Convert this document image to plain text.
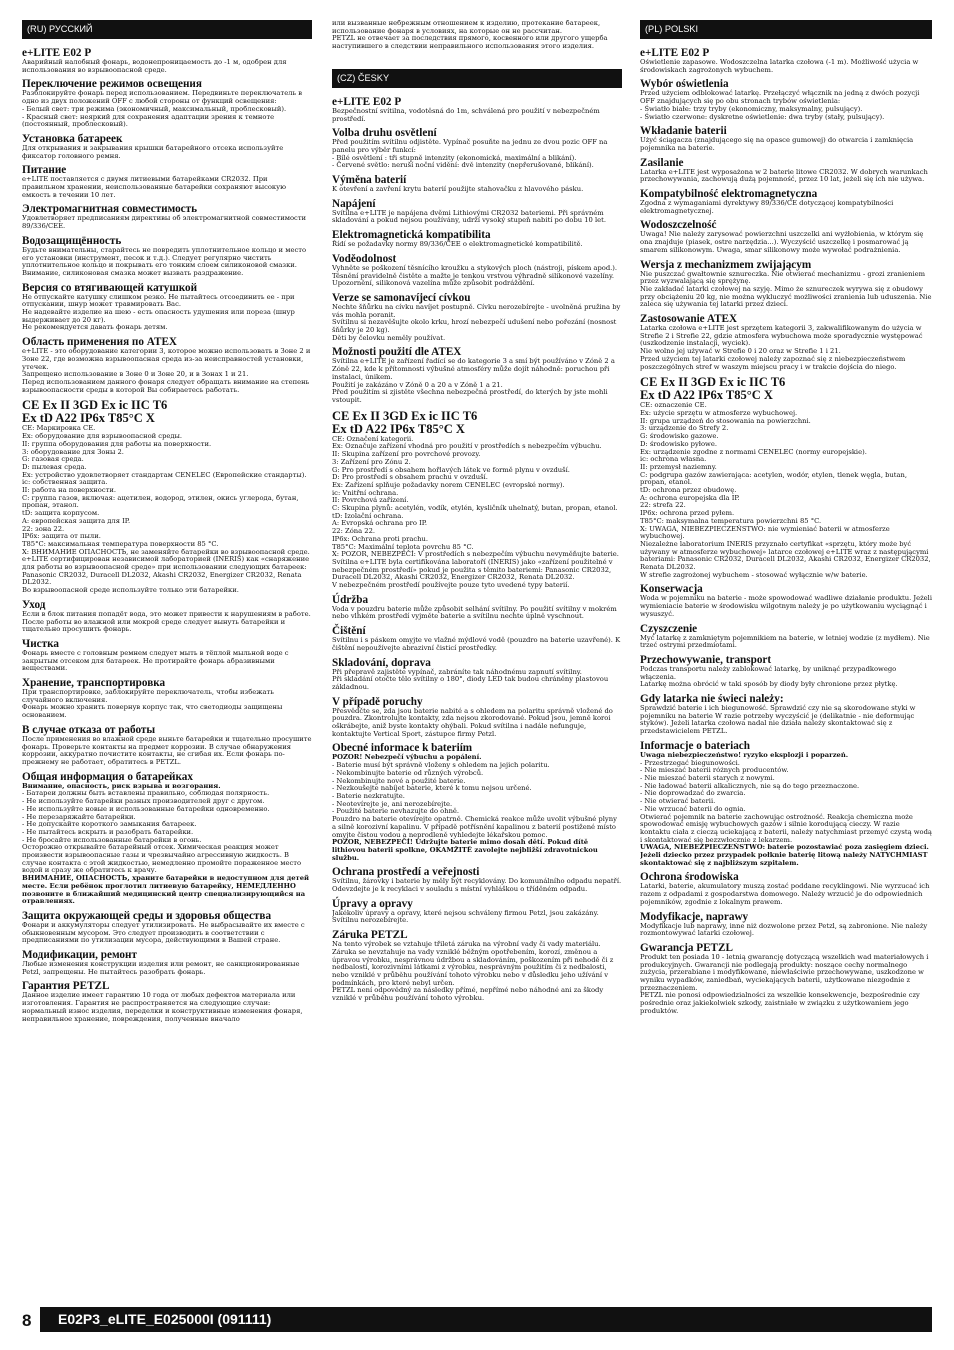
(RU) РУССКИЙ
e+LITE E02 P

Аварийный налобный фонарь, водонепроницаемость до -1 м, одобрен для использования во взрывоопасной среде.

Переключение режимов освещения

Разблокируйте фонарь перед использованием. Передвиньте переключатель в одно из двух положений OFF с любой стороны от функций освещения:
- Белый свет: три режима (экономичный, максимальный, проблесковый).
- Красный свет: неяркий для сохранения адаптации зрения к темноте (постоянный, проблесковый).

Установка батареек

Для открывания и закрывания крышки батарейного отсека используйте фиксатор головного ремня.

Питание

e+LITE поставляется с двумя литиевыми батарейками CR2032. При правильном хранении, неиспользованные батарейки сохраняют высокую емкость в течении 10 лет.

Электромагнитная совместимость

Удовлетворяет предписаниям директивы об электромагнитной совместимости 89/336/CEE.

Водозащищённость

Будьте внимательны, старайтесь не повредить уплотнительное кольцо и место его установки (инструмент, песок и т.д.). Следует регулярно чистить уплотнительное кольцо и покрывать его тонким слоем силиконовой смазки. Внимание, силиконовая смазка может вызвать раздражение.

Версия со втягивающей катушкой

Не отпускайте катушку слишком резко. Не пытайтесь отсоединить ее - при отпускании, шнур может травмировать Вас.
Не надевайте изделие на шею - есть опасность удушения или пореза (шнур выдерживает до 20 кг).
Не рекомендуется давать фонарь детям.

Область применения по ATEX

e+LITE - это оборудование категории 3, которое можно использовать в Зоне 2 и Зоне 22, где возможна взрывоопасная среда из-за неисправностей установки, утечек.
Запрещено использование в Зоне 0 и Зоне 20, и в Зонах 1 и 21.
Перед использованием данного фонаря следует обращать внимание на степень взрывоопасности среды в которой Вы собираетесь работать.

CE Ex II 3GD Ex ic IIC T6
Ex tD A22 IP6x T85°C X

CE: Маркировка CE.
Ex: оборудование для взрывоопасной среды.
II: группа оборудования для работы на поверхности.
3: оборудование для Зоны 2.
G: газовая среда.
D: пылевая среда.
Ex: устройство удовлетворяет стандартам CENELEC (Европейские стандарты).
ic: собственная защита.
II: работа на поверхности.
C: группа газов, включая: ацетилен, водород, этилен, окись углерода, бутан, пропан, этанол.
tD: защита корпусом.
A: европейская защита для IP.
22: зона 22.
IP6x: защита от пыли.
T85°C: максимальная температура поверхности 85 °C.
X: ВНИМАНИЕ ОПАСНОСТЬ, не заменяйте батарейки во взрывоопасной среде.
e+LITE сертифицирован независимой лабораторией (INERIS) как «снаряжение для работы во взрывоопасной среде» при использовании следующих батареек: Panasonic CR2032, Duracell DL2032, Akashi CR2032, Energizer CR2032, Renata DL2032.
Во взрывоопасной среде используйте только эти батарейки.

Уход

Если в блок питания попадёт вода, это может привести к нарушениям в работе. После работы во влажной или мокрой среде следует вынуть батарейки и тщательно просушить фонарь.

Чистка

Фонарь вместе с головным ремнем следует мыть в тёплой мыльной воде с закрытым отсеком для батареек. Не протирайте фонарь абразивными веществами.

Хранение, транспортировка

При транспортировке, заблокируйте переключатель, чтобы избежать случайного включения.
Фонарь можно хранить повернув корпус так, что светодиоды защищены основанием.

В случае отказа от работы

После применения во влажной среде выньте батарейки и тщательно просушите фонарь. Проверьте контакты на предмет коррозии. В случае обнаружения коррозии, аккуратно почистите контакты, не сгибая их. Если фонарь по-прежнему не работает, обратитесь в PETZL.

Общая информация о батарейках

Внимание, опасность, риск взрыва и возгорания.

- Батареи должны быть вставлены правильно, соблюдая полярность.
- Не используйте батарейки разных производителей друг с другом.
- Не используйте новые и использованные батарейки одновременно.
- Не перезаряжайте батарейки.
- Не допускайте короткого замыкания батареек.
- Не пытайтесь вскрыть и разобрать батарейки.
- Не бросайте использованные батарейки в огонь.
Осторожно открывайте батарейный отсек. Химическая реакция может произвести взрывоопасные газы и чрезвычайно агрессивную жидкость. В случае контакта с этой жидкостью, немедленно промойте пораженное место водой и сразу же обратитесь к врачу.

ВНИМАНИЕ, ОПАСНОСТЬ, храните батарейки в недоступном для детей месте. Если ребёнок проглотил литиевую батарейку, НЕМЕДЛЕННО позвоните в ближайший медицинский центр специализирующийся на отравлениях.

Защита окружающей среды и здоровья общества

Фонари и аккумуляторы следует утилизировать. Не выбрасывайте их вместе с обыкновенным мусором. Это следует производить в соответствии с предписаниями по утилизации мусора, действующими в Вашей стране.

Модификации, ремонт

Любые изменения конструкции изделия или ремонт, не санкционированные Petzl, запрещены. Не пытайтесь разобрать фонарь.

Гарантия PETZL

Данное изделие имеет гарантию 10 года от любых дефектов материала или изготовления. Гарантия не распространяется на следующие случаи: нормальный износ изделия, переделки и конструктивные изменения фонаря, неправильное хранение, повреждения, полученные вначало

или вызванные небрежным отношением к изделию, протекание батареек, использование фонаря в условиях, на которые он не рассчитан.
PETZL не отвечает за последствия прямого, косвенного или другого ущерба наступившего в следствии неправильного использования этого изделия.

(CZ) ČESKY
e+LITE E02 P

Bezpečnostní svítilna, vodotěsná do 1m, schválená pro použití v nebezpečném prostředí.

Volba druhu osvětlení

Před použitím svítilnu odjistěte. Vypínač posuňte na jednu ze dvou pozic OFF na panelu pro výběr funkcí:
- Bílé osvětlení : tři stupně intenzity (ekonomická, maximální a blikání).
- Červené světlo: neruší noční vidění: dvě intenzity (nepřerušované, blikání).

Výměna baterií

K otevření a zavření krytu baterií použijte stahovačku z hlavového pásku.

Napájení

Svítilna e+LITE je napájena dvěmi Lithiovými CR2032 bateriemi. Při správném skladování a pokud nejsou používány, udrží vysoký stupeň nabití po dobu 10 let.

Elektromagnetická kompatibilita

Řídí se požadavky normy 89/336/CEE o elektromagnetické kompatibilitě.

Voděodolnost

Vyhněte se poškození těsnícího kroužku a stykových ploch (nástroji, pískem apod.). Těsnění pravidelně čistěte a mažte je tenkou vrstvou výhradně silikonové vazelíny. Upozornění, silikonová vazelína může způsobit podráždění.

Verze se samonavíjecí cívkou

Nechte šňůrku na cívku navíjet postupně. Cívku nerozebírejte - uvolněná pružina by vás mohla poranit.
Svítilnu si nezavěšujte okolo krku, hrozí nebezpečí udušení nebo pořezání (nosnost šňůrky je 20 kg).
Děti by čelovku neměly používat.

Možnosti použití dle ATEX

Svítilna e+LITE je zařízení řadící se do kategorie 3 a smí být používáno v Zóně 2 a Zóně 22, kde k přítomnosti výbušné atmosféry může dojít náhodně: poruchou při instalaci, únikem.
Použití je zakázáno v Zóně 0 a 20 a v Zóně 1 a 21.
Před použitím si zjistěte všechna nebezpečná prostředí, do kterých by jste mohli vstoupit.

CE Ex II 3GD Ex ic IIC T6
Ex tD A22 IP6x T85°C X

CE: Označení kategorii.
Ex: Označuje zařízení vhodná pro použití v prostředích s nebezpečím výbuchu.
II: Skupina zařízení pro povrchové provozy.
3: Zařízení pro Zónu 2.
G: Pro prostředí s obsahem hořlavých látek ve formě plynu v ovzduší.
D: Pro prostředí s obsahem prachu v ovzduší.
Ex: Zařízení splňuje požadavky norem CENELEC (evropské normy).
ic: Vnitřní ochrana.
II: Povrchová zařízení.
C: Skupina plynů: acetylén, vodík, etylén, kysličník uhelnatý, butan, propan, etanol.
tD: Izolační ochrana.
A: Evropská ochrana pro IP.
22: Zóna 22.
IP6x: Ochrana proti prachu.
T85°C: Maximální teplota povrchu 85 °C.
X: POZOR, NEBEZPEČÍ: V prostředích s nebezpečím výbuchu nevyměňujte baterie.
Svítilna e+LITE byla certifikována laboratoří (INERIS) jako «zařízení použitelné v nebezpečném prostředí» pokud je použita s těmito bateriemi: Panasonic CR2032, Duracell DL2032, Akashi CR2032, Energizer CR2032, Renata DL2032.
V nebezpečném prostředí používejte pouze tyto uvedené typy baterií.

Údržba

Voda v pouzdru baterie může způsobit selhání svítilny. Po použití svítilny v mokrém nebo vlhkém prostředí vyjměte baterie a svítilnu nechte úplně vyschnout.

Čištění

Svítilnu i s páskem omyjte ve vlažné mýdlové vodě (pouzdro na baterie uzavřené). K čištění nepoužívejte abrazivní čisticí prostředky.

Skladování, doprava

Při přepravě zajistěte vypínač, zabráníte tak náhodnému zapnutí svítilny.
Při skladání otočte tělo svítilny o 180°, diody LED tak budou chráněny plastovou základnou.

V případě poruchy

Přesvědčte se, zda jsou baterie nabité a s ohledem na polaritu správně vložené do pouzdra. Zkontrolujte kontakty, zda nejsou zkorodované. Pokud jsou, jemně koroi oškrábejte, aniž byste kontakty ohýbali. Pokud svítilna i nadále nefunguje, kontaktujte Vertical Sport, zástupce firmy Petzl.

Obecné informace k bateriím

POZOR! Nebezpečí výbuchu a popálení.

- Baterie musí být správně vloženy s ohledem na jejich polaritu.
- Nekombinujte baterie od různých výrobců.
- Nekombinujte nové a použité baterie.
- Nezkoušejte nabíjet baterie, které k tomu nejsou určené.
- Baterie nezkratujte.
- Neotevírejte je, ani nerozebírejte.
- Použité baterie nevhazujte do ohně.
Pouzdro na baterie otevírejte opatrně. Chemická reakce může uvolit výbušné plyny a silně korozivní kapalinu. V případě potřísnění kapalinou z baterií postižené místo omyjte čistou vodou a neprodleně vyhledejte lékařskou pomoc.

POZOR, NEBEZPEČÍ! Udržujte baterie mimo dosah dětí. Pokud dítě lithiovou baterii spolkne, OKAMŽITĚ zavolejte nejbližší zdravotnickou službu.

Ochrana prostředí a veřejnosti

Svítilnu, žárovky i baterie by měly být recyklovány. Do komunálního odpadu nepatří. Odevzdejte je k recyklaci v souladu s místní vyhláškou o tříděném odpadu.

Úpravy a opravy

Jakékoliv úpravy a opravy, které nejsou schváleny firmou Petzl, jsou zakázány. Svítilnu nerozebírejte.

Záruka PETZL

Na tento výrobek se vztahuje třiletá záruka na výrobní vady či vady materiálu. Záruka se nevztahuje na vady vzniklé běžným opotřebením, korozí, změnou a úpravou výrobku, nesprávnou údržbou a skladováním, poškozením při nehodě či z nedbalosti, korozivními látkami z výrobku, nesprávným použitím či z nedbalosti, nebo vzniklé v průběhu používání tohoto výrobku nebo v důsledku jeho užívání v podmínkách, pro které nebyl určen.
PETZL není odpovědný za následky přímé, nepřímé nebo náhodné ani za škody vzniklé v průběhu používání tohoto výrobku.

(PL) POLSKI
e+LITE E02 P

Oświetlenie zapasowe. Wodoszczelna latarka czołowa (-1 m). Możliwość użycia w środowiskach zagrożonych wybuchem.

Wybór oświetlenia

Przed użyciem odblokować latarkę. Przełączyć włącznik na jedną z dwóch pozycji OFF znajdujących się po obu stronach trybów oświetlenia:
- Światło białe: trzy tryby (ekonomiczny, maksymalny, pulsujący).
- Światło czerwone: dyskretne oświetlenie: dwa tryby (stały, pulsujący).

Wkładanie baterii

Użyć ściągacza (znajdującego się na opasce gumowej) do otwarcia i zamknięcia pojemnika na baterie.

Zasilanie

Latarka e+LITE jest wyposażona w 2 baterie litowe CR2032. W dobrych warunkach przechowywania, zachowują dużą pojemność, przez 10 lat, jeżeli się ich nie używa.

Kompatybilność elektromagnetyczna

Zgodna z wymaganiami dyrektywy 89/336/CE dotyczącej kompatybilności elektromagnetycznej.

Wodoszczelność

Uwaga! Nie należy zarysować powierzchni uszczelki ani wyżłobienia, w którym się ona znajduje (piasek, ostre narzędzia...). Wyczyścić uszczelkę i posmarować ją smarem silikonowym. Uwaga, smar silikonowy może wywołać podrażnienia.

Wersja z mechanizmem zwijającym

Nie puszczać gwałtownie sznureczka. Nie otwierać mechanizmu - grozi zranieniem przez wyzwalającą się sprężynę.
Nie zakładać latarki czołowej na szyję. Mimo że sznureczek wyrywa się z obudowy przy obciążeniu 20 kg, nie można wykluczyć możliwości zranienia lub uduszenia. Nie zaleca się używania tej latarki przez dzieci.

Zastosowanie ATEX

Latarka czołowa e+LITE jest sprzętem kategorii 3, zakwalifikowanym do użycia w Strefie 2 i Strefie 22, gdzie atmosfera wybuchowa może sporadycznie występować (uszkodzenie instalacji, wyciek).
Nie wolno jej używać w Strefie 0 i 20 oraz w Strefie 1 i 21.
Przed użyciem tej latarki czołowej należy zapoznać się z niebezpieczeństwem poszczególnych stref w waszym miejscu pracy i w trakcie dojścia do niego.

CE Ex II 3GD Ex ic IIC T6
Ex tD A22 IP6x T85°C X

CE: oznaczenie CE.
Ex: użycie sprzętu w atmosferze wybuchowej.
II: grupa urządzeń do stosowania na powierzchni.
3: urządzenie do Strefy 2.
G: środowisko gazowe.
D: środowisko pyłowe.
Ex: urządzenie zgodne z normami CENELEC (normy europejskie).
ic: ochrona własna.
II: przemysł naziemny.
C: podgrupa gazów zawierająca: acetylen, wodór, etylen, tlenek węgla, butan, propan, etanol.
tD: ochrona przez obudowę.
A: ochrona europejska dla IP.
22: strefa 22.
IP6x: ochrona przed pyłem.
T85°C: maksymalna temperatura powierzchni 85 °C.
X: UWAGA, NIEBEZPIECZEŃSTWO: nie wymieniać baterii w atmosferze wybuchowej.
Niezależne laboratorium INERIS przyznało certyfikat «sprzętu, który może być używany w atmosferze wybuchowej» latarce czołowej e+LITE wraz z następującymi bateriami: Panasonic CR2032, Duracell DL2032, Akashi CR2032, Energizer CR2032, Renata DL2032.
W strefie zagrożonej wybuchem - stosować wyłącznie w/w baterie.

Konserwacja

Woda w pojemniku na baterie - może spowodować wadliwe działanie produktu. Jeżeli wymieniacie baterie w środowisku wilgotnym należy je po użytkowaniu wyciągnąć i wysuszyć.

Czyszczenie

Myć latarkę z zamkniętym pojemnikiem na baterie, w letniej wodzie (z mydłem). Nie trzeć ostrymi przedmiotami.

Przechowywanie, transport

Podczas transportu należy zablokować latarkę, by uniknąć przypadkowego włączenia.
Latarkę można obrócić w taki sposób by diody były chronione przez płytkę.

Gdy latarka nie świeci należy:

Sprawdzić baterie i ich biegunowość. Sprawdzić czy nie są skorodowane styki w pojemniku na baterie W razie potrzeby wyczyścić je (delikatnie - nie deformując styków). Jeżeli latarka czołowa nadal nie działa należy skontaktować się z przedstawicielem PETZL.

Informacje o bateriach

Uwaga niebezpieczeństwo! ryzyko eksplozji i poparzeń.

- Przestrzegać biegunowości.
- Nie mieszać baterii różnych producentów.
- Nie mieszać baterii starych z nowymi.
- Nie ładować baterii alkalicznych, nie są do tego przeznaczone.
- Nie doprowadzać do zwarcia.
- Nie otwierać baterii.
- Nie wrzucać baterii do ognia.
Otwierać pojemnik na baterie zachowując ostrożność. Reakcja chemiczna może spowodować emisję wybuchowych gazów i silnie korodującą cieczy. W razie kontaktu ciała z cieczą uciekającą z baterii, należy natychmiast przemyć czystą wodą i skontaktować się bezzwłocznie z lekarzem.

UWAGA, NIEBEZPIECZEŃSTWO: baterie pozostawiać poza zasięgiem dzieci. Jeżeli dziecko przez przypadek połknie baterię litową należy NATYCHMIAST skontaktować się z najbliższym szpitalem.

Ochrona środowiska

Latarki, baterie, akumulatory muszą zostać poddane recyklingowi. Nie wyrzucać ich razem z odpadami z gospodarstwa domowego. Należy wrzucić je do odpowiednich pojemników, zgodnie z lokalnym prawem.

Modyfikacje, naprawy

Modyfikacje lub naprawy, inne niż dozwolone przez Petzl, są zabronione. Nie należy rozmontowywać latarki czołowej.

Gwarancja PETZL

Produkt ten posiada 10 - letnią gwarancję dotyczącą wszelkich wad materiałowych i produkcyjnych. Gwarancji nie podlegają produkty: noszące cechy normalnego zużycia, przerabiane i modyfikowane, niewłaściwie przechowywane, uszkodzone w wyniku wypadków, zaniedbań, wyciekających baterii, użytkowane niezgodnie z przeznaczeniem.
PETZL nie ponosi odpowiedzialności za wszelkie konsekwencje, bezpośrednie czy pośrednie oraz jakiekolwiek szkody, zaistniałe w związku z użytkowaniem jego produktów.

8 E02P3_eLITE_E025000I (091111)
